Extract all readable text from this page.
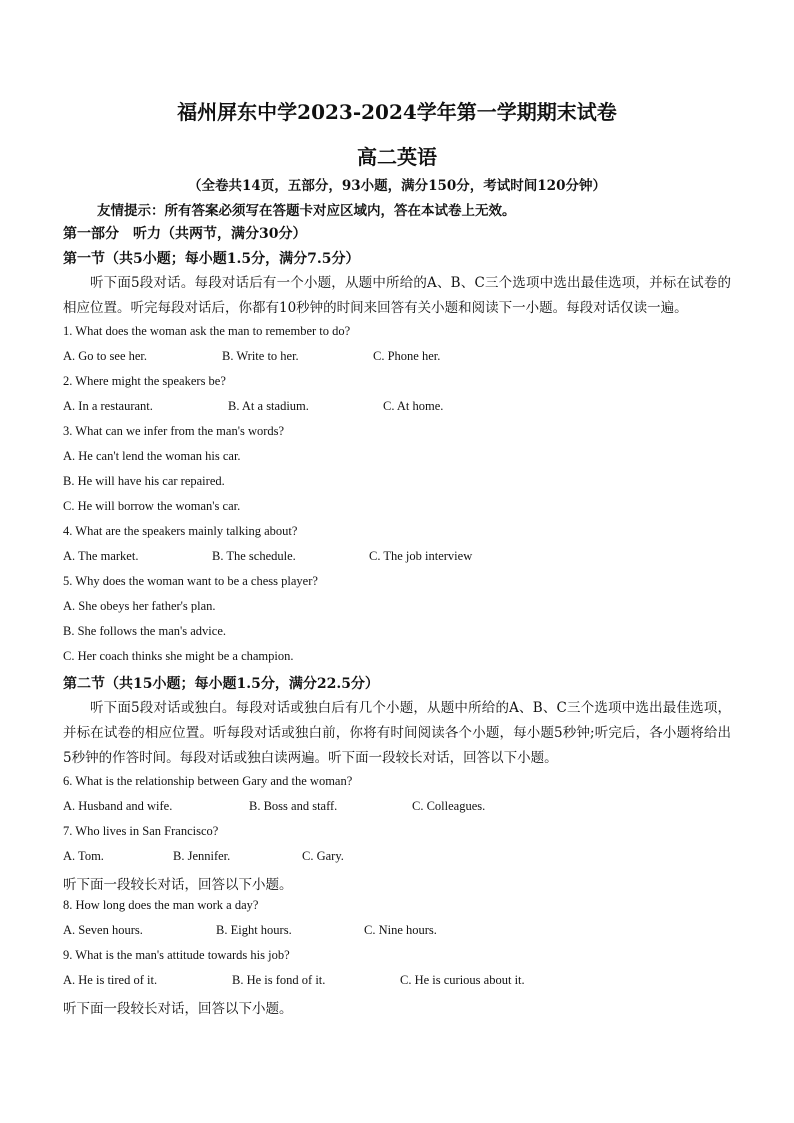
福州屏东中学2023-2024学年第一学期期末试卷
高二英语
（全卷共14页，五部分，93小题，满分150分，考试时间120分钟）
友情提示：所有答案必须写在答题卡对应区域内，答在本试卷上无效。
第一部分　听力（共两节，满分30分）
第一节（共5小题；每小题1.5分，满分7.5分）
听下面5段对话。每段对话后有一个小题，从题中所给的A、B、C三个选项中选出最佳选项，并标在试卷的相应位置。听完每段对话后，你都有10秒钟的时间来回答有关小题和阅读下一小题。每段对话仅读一遍。
1. What does the woman ask the man to remember to do?
A. Go to see her.	B. Write to her.	C. Phone her.
2. Where might the speakers be?
A. In a restaurant.	B. At a stadium.	C. At home.
3. What can we infer from the man's words?
A. He can't lend the woman his car.
B. He will have his car repaired.
C. He will borrow the woman's car.
4. What are the speakers mainly talking about?
A. The market.	B. The schedule.	C. The job interview
5. Why does the woman want to be a chess player?
A. She obeys her father's plan.
B. She follows the man's advice.
C. Her coach thinks she might be a champion.
第二节（共15小题；每小题1.5分，满分22.5分）
听下面5段对话或独白。每段对话或独白后有几个小题，从题中所给的A、B、C三个选项中选出最佳选项，并标在试卷的相应位置。听每段对话或独白前，你将有时间阅读各个小题，每小题5秒钟;听完后，各小题将给出5秒钟的作答时间。每段对话或独白读两遍。听下面一段较长对话，回答以下小题。
6. What is the relationship between Gary and the woman?
A. Husband and wife.	B. Boss and staff.	C. Colleagues.
7. Who lives in San Francisco?
A. Tom.	B. Jennifer.	C. Gary.
听下面一段较长对话，回答以下小题。
8. How long does the man work a day?
A. Seven hours.	B. Eight hours.	C. Nine hours.
9. What is the man's attitude towards his job?
A. He is tired of it.	B. He is fond of it.	C. He is curious about it.
听下面一段较长对话，回答以下小题。
